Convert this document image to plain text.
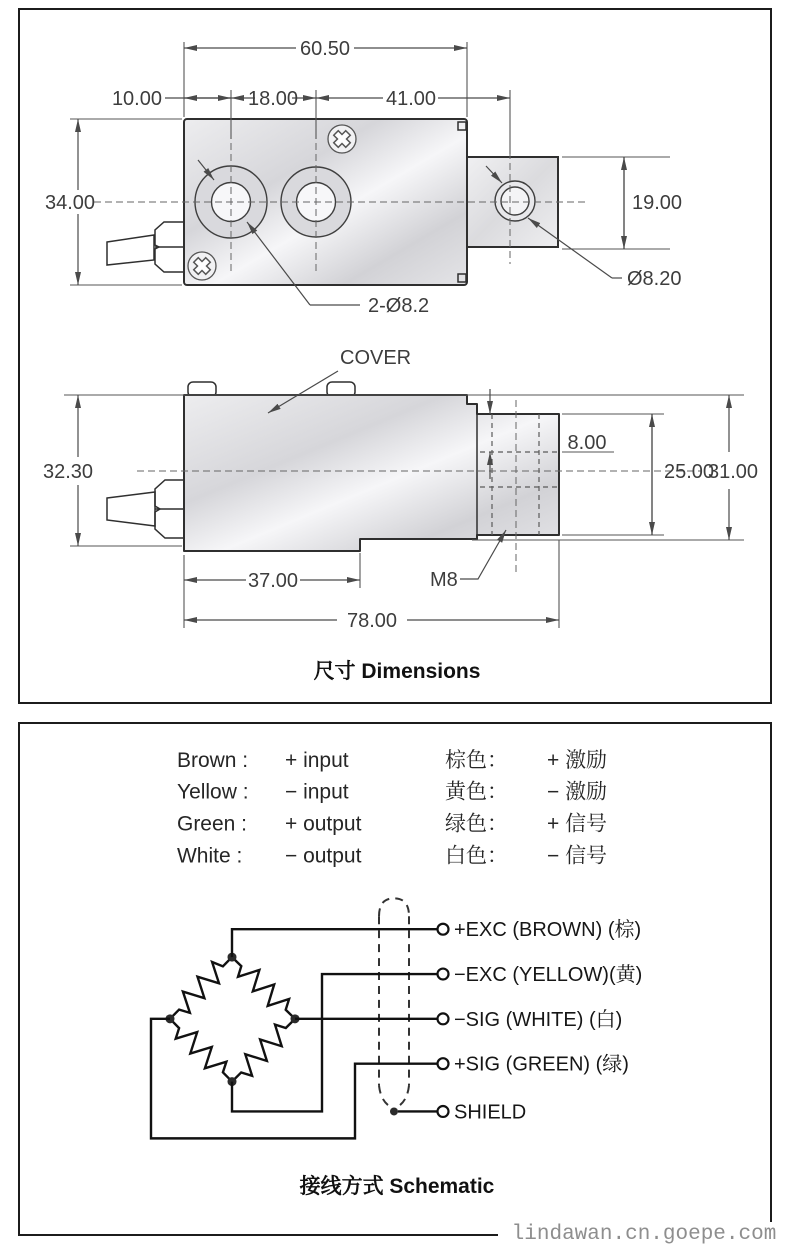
60.50
10.00	18.00	41.00
34.00	19.00
Ø8.20
2-Ø8.2
32.30
8.00
25.00
31.00
37.00
78.00
COVER
M8
尺寸 Dimensions
Brown : + input	棕色： + 激励
Yellow : − input	黄色： − 激励
Green : + output	绿色： + 信号
White : − output	白色： − 信号
+EXC (BROWN) (棕)
−EXC (YELLOW)(黄)
−SIG (WHITE) (白)
+SIG (GREEN) (绿)
SHIELD
接线方式 Schematic
lindawan.cn.goepe.com
